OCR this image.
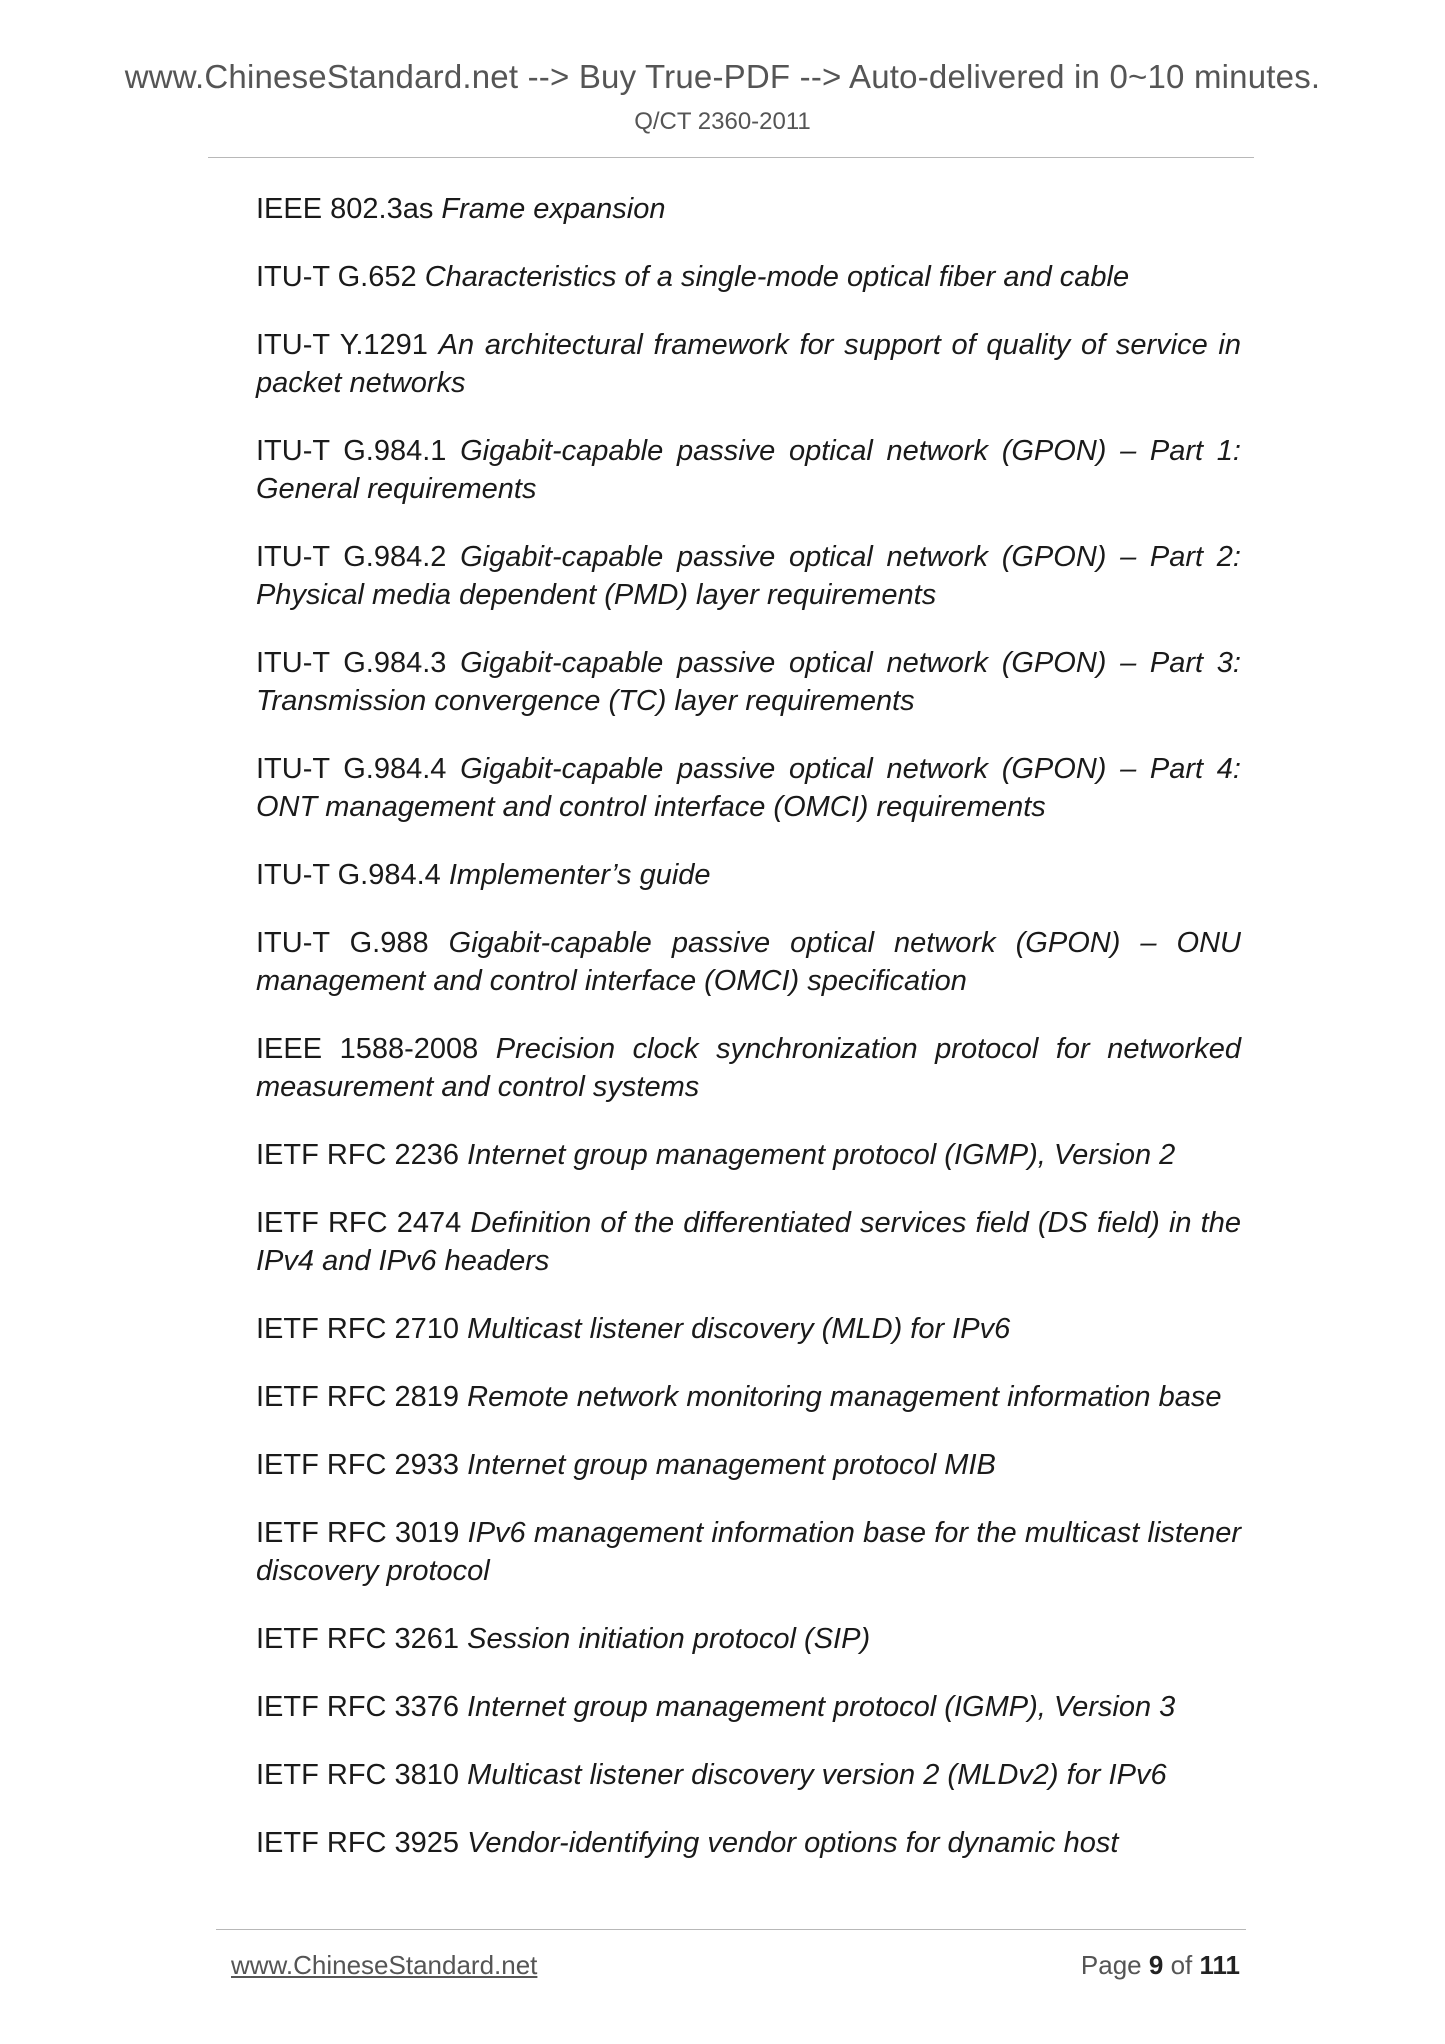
www.ChineseStandard.net --> Buy True-PDF --> Auto-delivered in 0~10 minutes.
Q/CT 2360-2011
IEEE 802.3as Frame expansion
ITU-T G.652 Characteristics of a single-mode optical fiber and cable
ITU-T Y.1291 An architectural framework for support of quality of service in packet networks
ITU-T G.984.1 Gigabit-capable passive optical network (GPON) – Part 1: General requirements
ITU-T G.984.2 Gigabit-capable passive optical network (GPON) – Part 2: Physical media dependent (PMD) layer requirements
ITU-T G.984.3 Gigabit-capable passive optical network (GPON) – Part 3: Transmission convergence (TC) layer requirements
ITU-T G.984.4 Gigabit-capable passive optical network (GPON) – Part 4: ONT management and control interface (OMCI) requirements
ITU-T G.984.4 Implementer’s guide
ITU-T G.988 Gigabit-capable passive optical network (GPON) – ONU management and control interface (OMCI) specification
IEEE 1588-2008 Precision clock synchronization protocol for networked measurement and control systems
IETF RFC 2236 Internet group management protocol (IGMP), Version 2
IETF RFC 2474 Definition of the differentiated services field (DS field) in the IPv4 and IPv6 headers
IETF RFC 2710 Multicast listener discovery (MLD) for IPv6
IETF RFC 2819 Remote network monitoring management information base
IETF RFC 2933 Internet group management protocol MIB
IETF RFC 3019 IPv6 management information base for the multicast listener discovery protocol
IETF RFC 3261 Session initiation protocol (SIP)
IETF RFC 3376 Internet group management protocol (IGMP), Version 3
IETF RFC 3810 Multicast listener discovery version 2 (MLDv2) for IPv6
IETF RFC 3925 Vendor-identifying vendor options for dynamic host
www.ChineseStandard.net	Page 9 of 111
